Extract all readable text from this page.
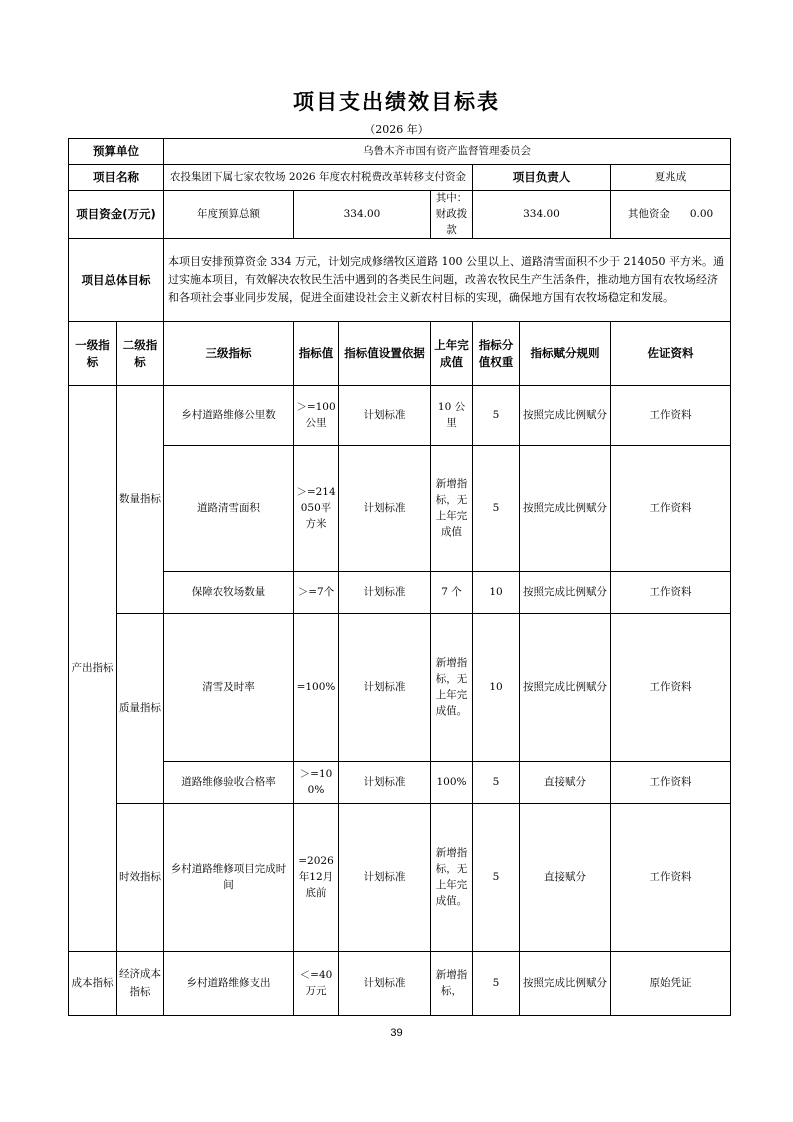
项目支出绩效目标表
（2026 年）
预算单位		乌鲁木齐市国有资产监督管理委员会						
项目名称		农投集团下属七家农牧场 2026 年度农村税费改革转移支付资金				项目负责人		夏兆成
项目资金(万元)		年度预算总额	334.00		其中：财政拨款	334.00		其他资金 0.00
项目总体目标		本项目安排预算资金 334 万元，计划完成修缮牧区道路 100 公里以上、道路清雪面积不少于 214050 平方米。通过实施本项目，有效解决农牧民生活中遇到的各类民生问题，改善农牧民生产生活条件，推动地方国有农牧场经济和各项社会事业同步发展，促进全面建设社会主义新农村目标的实现，确保地方国有农牧场稳定和发展。						
一级指标	二级指标	三级指标	指标值	指标值设置依据	上年完成值	指标分值权重	指标赋分规则	佐证资料
产出指标	数量指标	乡村道路维修公里数	＞=100公里	计划标准	10 公里	5	按照完成比例赋分	工作资料
		道路清雪面积	＞=214050平方米	计划标准	新增指标，无上年完成值	5	按照完成比例赋分	工作资料
		保障农牧场数量	＞=7个	计划标准	7 个	10	按照完成比例赋分	工作资料
	质量指标	清雪及时率	=100%	计划标准	新增指标，无上年完成值。	10	按照完成比例赋分	工作资料
		道路维修验收合格率	＞=100%	计划标准	100%	5	直接赋分	工作资料
	时效指标	乡村道路维修项目完成时间	=2026年12月底前	计划标准	新增指标，无上年完成值。	5	直接赋分	工作资料
成本指标	经济成本指标	乡村道路维修支出	＜=40万元	计划标准	新增指标，	5	按照完成比例赋分	原始凭证
39
